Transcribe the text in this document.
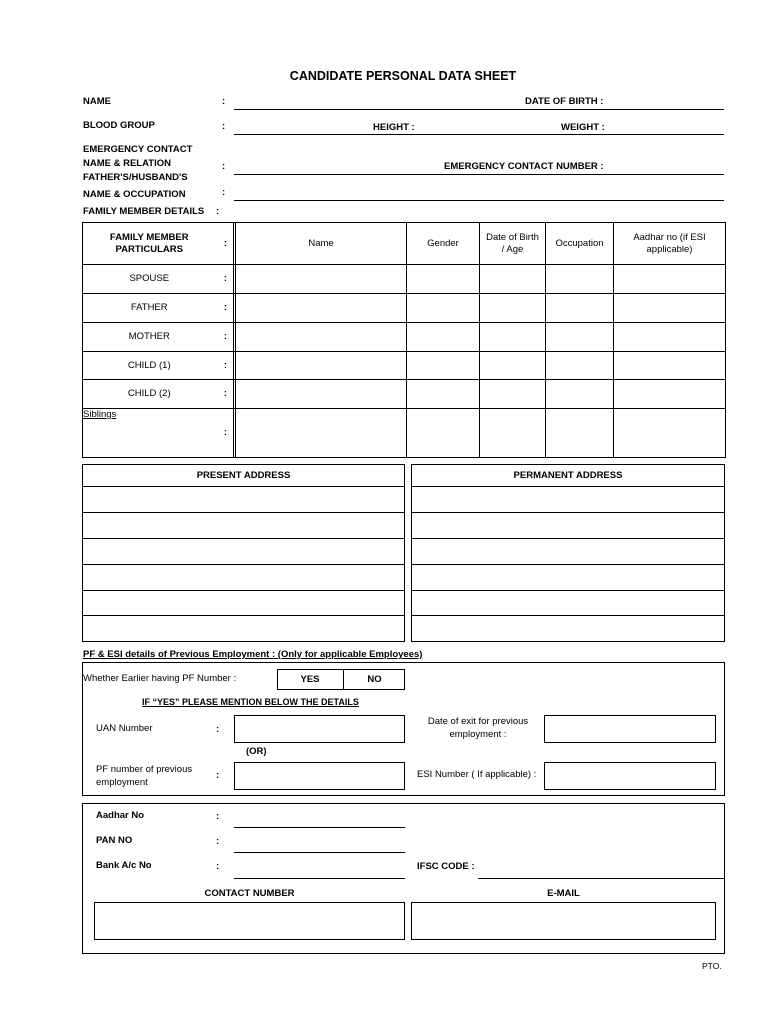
CANDIDATE PERSONAL DATA SHEET
NAME	:	DATE OF BIRTH :
BLOOD GROUP	:	HEIGHT :	WEIGHT :
EMERGENCY CONTACT
NAME & RELATION	:	EMERGENCY CONTACT NUMBER :
FATHER'S/HUSBAND'S
NAME & OCCUPATION	:
FAMILY MEMBER DETAILS :
FAMILY MEMBER PARTICULARS	:		Name	Gender	Date of Birth / Age	Occupation	Aadhar no (if ESI applicable)
SPOUSE	:						
FATHER	:						
MOTHER	:						
CHILD (1)	:						
CHILD (2)	:						
Siblings	:						
PRESENT ADDRESS	PERMANENT ADDRESS

PF & ESI details of Previous Employment : (Only for applicable Employees)
Whether Earlier having PF Number :	YES	NO
IF “YES” PLEASE MENTION BELOW THE DETAILS
UAN Number	:
Date of exit for previous
employment :
(OR)
PF number of previous
employment
:	ESI Number ( If applicable) :
Aadhar No	:
PAN NO	:
Bank A/c No	:	IFSC CODE :
CONTACT NUMBER	E-MAIL
PTO.
